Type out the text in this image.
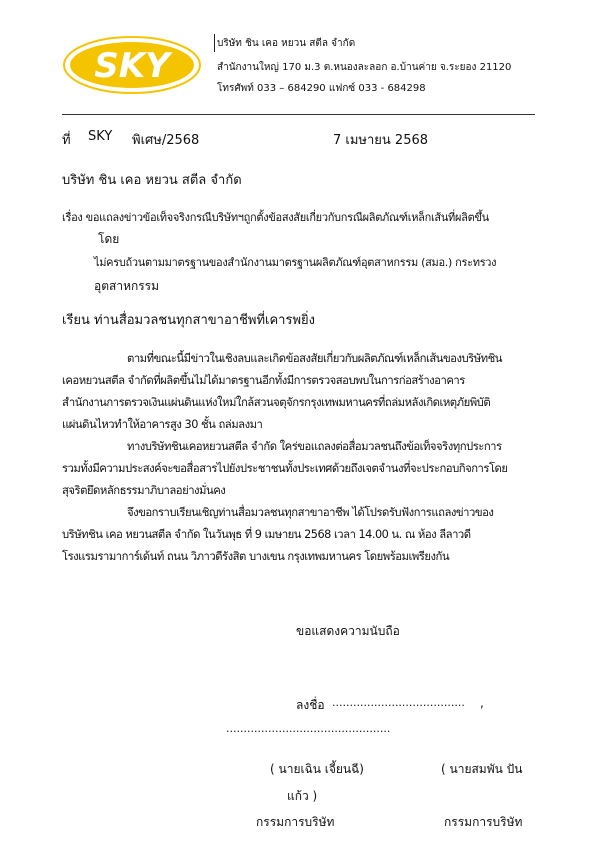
SKY
บริษัท ชิน เคอ หยวน สตีล จำกัด
สำนักงานใหญ่ 170 ม.3 ต.หนองละลอก อ.บ้านค่าย จ.ระยอง 21120
โทรศัพท์ 033 – 684290 แฟกซ์ 033 - 684298
ที่ SKY พิเศษ/2568	7 เมษายน 2568
บริษัท ชิน เคอ หยวน สตีล จำกัด
เรื่อง ขอแถลงข่าวข้อเท็จจริงกรณีบริษัทฯถูกตั้งข้อสงสัยเกี่ยวกับกรณีผลิตภัณฑ์เหล็กเส้นที่ผลิตขึ้น
โดย
ไม่ครบถ้วนตามมาตรฐานของสำนักงานมาตรฐานผลิตภัณฑ์อุตสาหกรรม (สมอ.) กระทรวง
อุตสาหกรรม
เรียน ท่านสื่อมวลชนทุกสาขาอาชีพที่เคารพยิ่ง
ตามที่ขณะนี้มีข่าวในเชิงลบและเกิดข้อสงสัยเกี่ยวกับผลิตภัณฑ์เหล็กเส้นของบริษัทชิน
เคอหยวนสตีล จำกัดที่ผลิตขึ้นไม่ได้มาตรฐานอีกทั้งมีการตรวจสอบพบในการก่อสร้างอาคาร
สำนักงานการตรวจเงินแผ่นดินแห่งใหม่ใกล้สวนจตุจักรกรุงเทพมหานครที่ถล่มหลังเกิดเหตุภัยพิบัติ
แผ่นดินไหวทำให้อาคารสูง 30 ชั้น ถล่มลงมา
ทางบริษัทชินเคอหยวนสตีล จำกัด ใคร่ขอแถลงต่อสื่อมวลชนถึงข้อเท็จจริงทุกประการ
รวมทั้งมีความประสงค์จะขอสื่อสารไปยังประชาชนทั้งประเทศด้วยถึงเจตจำนงที่จะประกอบกิจการโดย
สุจริตยึดหลักธรรมาภิบาลอย่างมั่นคง
จึงขอกราบเรียนเชิญท่านสื่อมวลชนทุกสาขาอาชีพ ได้โปรดรับฟังการแถลงข่าวของ
บริษัทชิน เคอ หยวนสตีล จำกัด ในวันพุธ ที่ 9 เมษายน 2568 เวลา 14.00 น. ณ ห้อง ลีลาวดี
โรงแรมรามาการ์เด้นท์ ถนน วิภาวดีรังสิต บางเขน กรุงเทพมหานคร โดยพร้อมเพรียงกัน
ขอแสดงความนับถือ
ลงชื่อ ...................................... ,
...............................................
( นายเฉิน เจี้ยนฉี)	( นายสมพัน ปัน
แก้ว )
กรรมการบริษัท	กรรมการบริษัท
